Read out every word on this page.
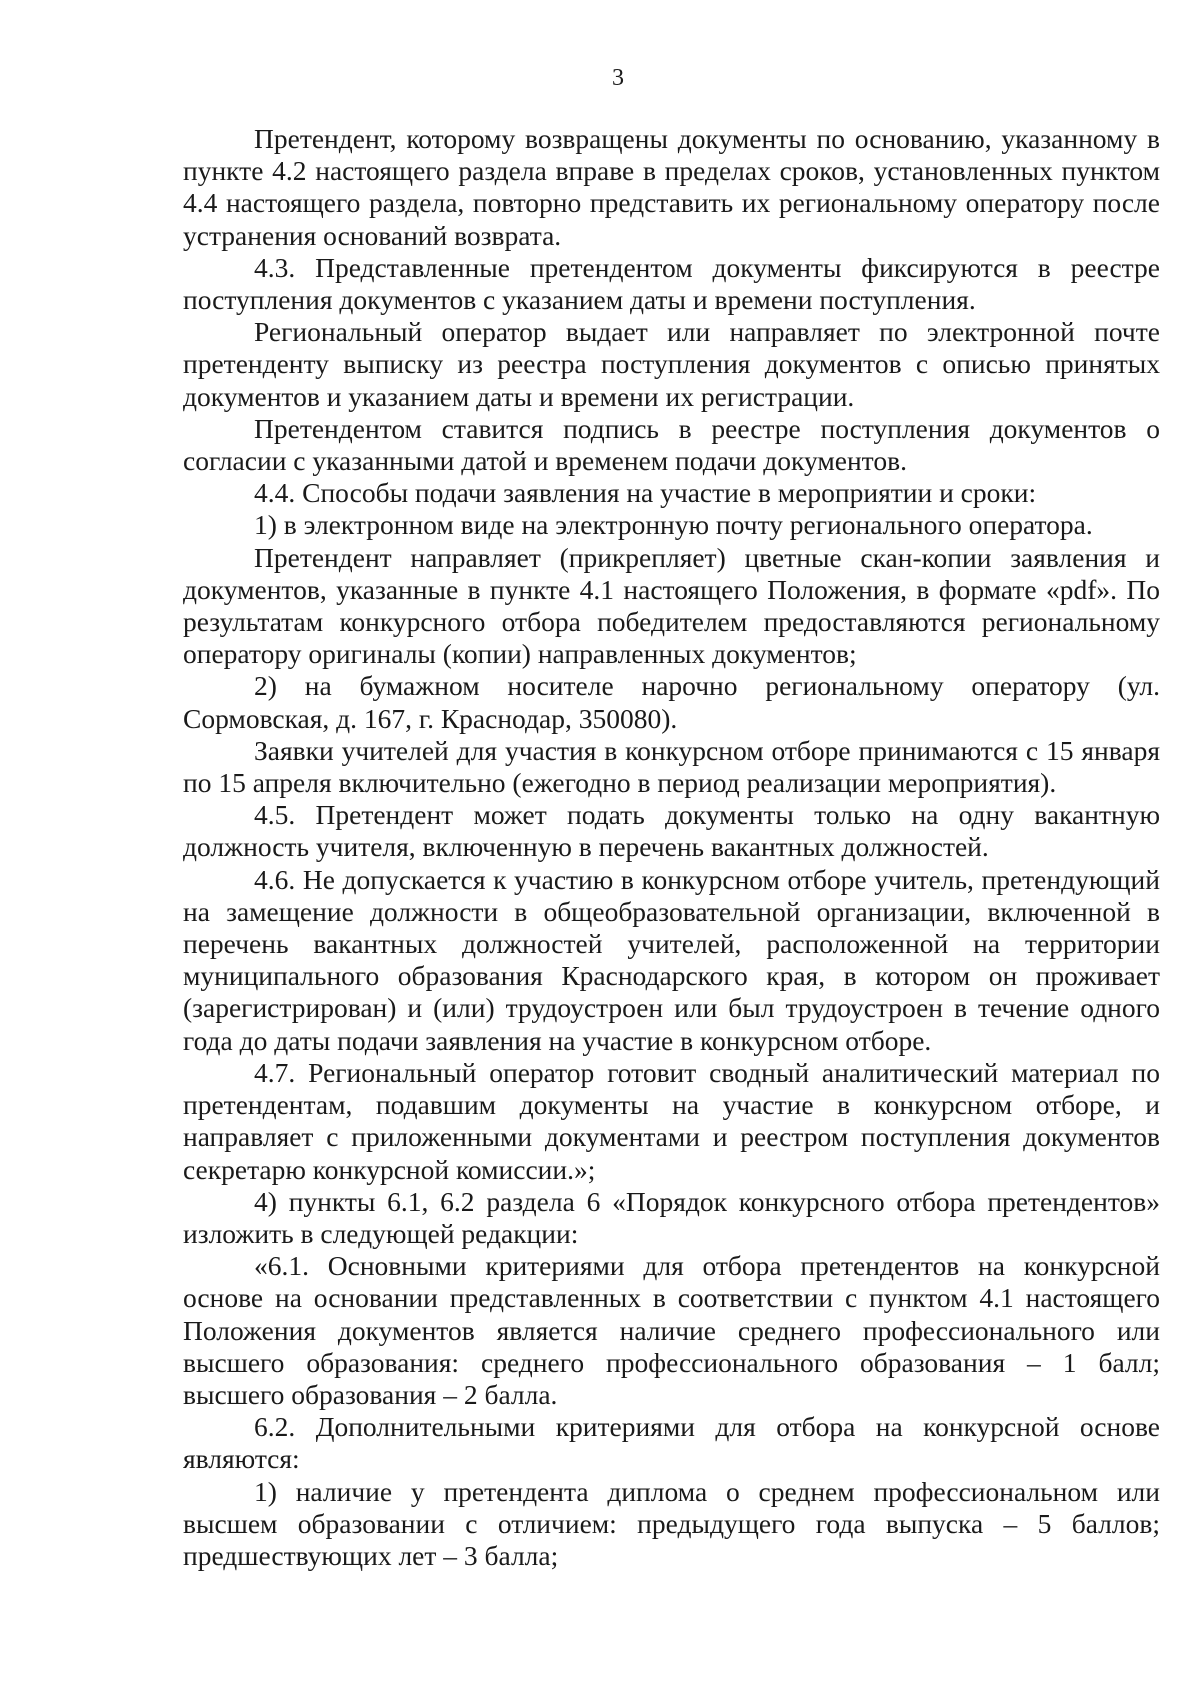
3

Претендент, которому возвращены документы по основанию, указанному в пункте 4.2 настоящего раздела вправе в пределах сроков, установленных пунктом 4.4 настоящего раздела, повторно представить их региональному оператору после устранения оснований возврата.

4.3. Представленные претендентом документы фиксируются в реестре поступления документов с указанием даты и времени поступления.

Региональный оператор выдает или направляет по электронной почте претенденту выписку из реестра поступления документов с описью принятых документов и указанием даты и времени их регистрации.

Претендентом ставится подпись в реестре поступления документов о согласии с указанными датой и временем подачи документов.

4.4. Способы подачи заявления на участие в мероприятии и сроки:

1) в электронном виде на электронную почту регионального оператора.

Претендент направляет (прикрепляет) цветные скан-копии заявления и документов, указанные в пункте 4.1 настоящего Положения, в формате «pdf». По результатам конкурсного отбора победителем предоставляются региональному оператору оригиналы (копии) направленных документов;

2) на бумажном носителе нарочно региональному оператору (ул. Сормовская, д. 167, г. Краснодар, 350080).

Заявки учителей для участия в конкурсном отборе принимаются с 15 января по 15 апреля включительно (ежегодно в период реализации мероприятия).

4.5. Претендент может подать документы только на одну вакантную должность учителя, включенную в перечень вакантных должностей.

4.6. Не допускается к участию в конкурсном отборе учитель, претендующий на замещение должности в общеобразовательной организации, включенной в перечень вакантных должностей учителей, расположенной на территории муниципального образования Краснодарского края, в котором он проживает (зарегистрирован) и (или) трудоустроен или был трудоустроен в течение одного года до даты подачи заявления на участие в конкурсном отборе.

4.7. Региональный оператор готовит сводный аналитический материал по претендентам, подавшим документы на участие в конкурсном отборе, и направляет с приложенными документами и реестром поступления документов секретарю конкурсной комиссии.»;

4) пункты 6.1, 6.2 раздела 6 «Порядок конкурсного отбора претендентов» изложить в следующей редакции:

«6.1. Основными критериями для отбора претендентов на конкурсной основе на основании представленных в соответствии с пунктом 4.1 настоящего Положения документов является наличие среднего профессионального или высшего образования: среднего профессионального образования – 1 балл; высшего образования – 2 балла.

6.2. Дополнительными критериями для отбора на конкурсной основе являются:

1) наличие у претендента диплома о среднем профессиональном или высшем образовании с отличием: предыдущего года выпуска – 5 баллов; предшествующих лет – 3 балла;
